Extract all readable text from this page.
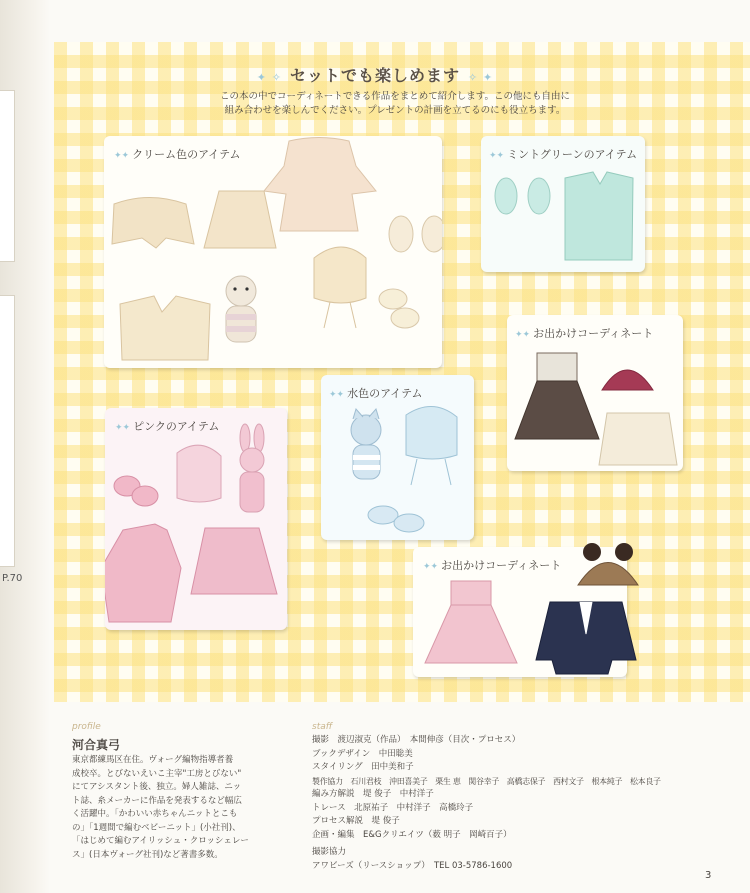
P.70
✦ ✧ セットでも楽しめます ✧ ✦
この本の中でコーディネートできる作品をまとめて紹介します。この他にも自由に
組み合わせを楽しんでください。プレゼントの計画を立てるのにも役立ちます。
✦✦ クリーム色のアイテム	✦✦ ミントグリーンのアイテム
✦✦ お出かけコーディネート
✦✦ 水色のアイテム
✦✦ ピンクのアイテム
✦✦ お出かけコーディネート
profile
河合真弓
東京都練馬区在住。ヴォーグ編物指導者養
成校卒。とびないえいこ主宰"工房とびない"
にてアシスタント後、独立。婦人雑誌、ニッ
ト誌、糸メーカーに作品を発表するなど幅広
く活躍中。「かわいい赤ちゃんニットとこも
の」「1週間で編むベビーニット」(小社刊)、
「はじめて編むアイリッシュ・クロッシェレー
ス」(日本ヴォーグ社刊)など著書多数。
staff
撮影　渡辺淑克（作品）　本間伸彦（目次・プロセス）
ブックデザイン　中田聡美
スタイリング　田中美和子
製作協力　石川君枝　沖田喜美子　栗生 恵　関谷幸子　高橋志保子　西村文子　根本純子　松本良子
編み方解説　堤 俊子　中村洋子
トレース　北原祐子　中村洋子　高橋玲子
プロセス解説　堤 俊子
企画・編集　E&Gクリエイツ（薮 明子　岡崎百子）
撮影協力
アワビーズ（リースショップ）　TEL 03-5786-1600
3
